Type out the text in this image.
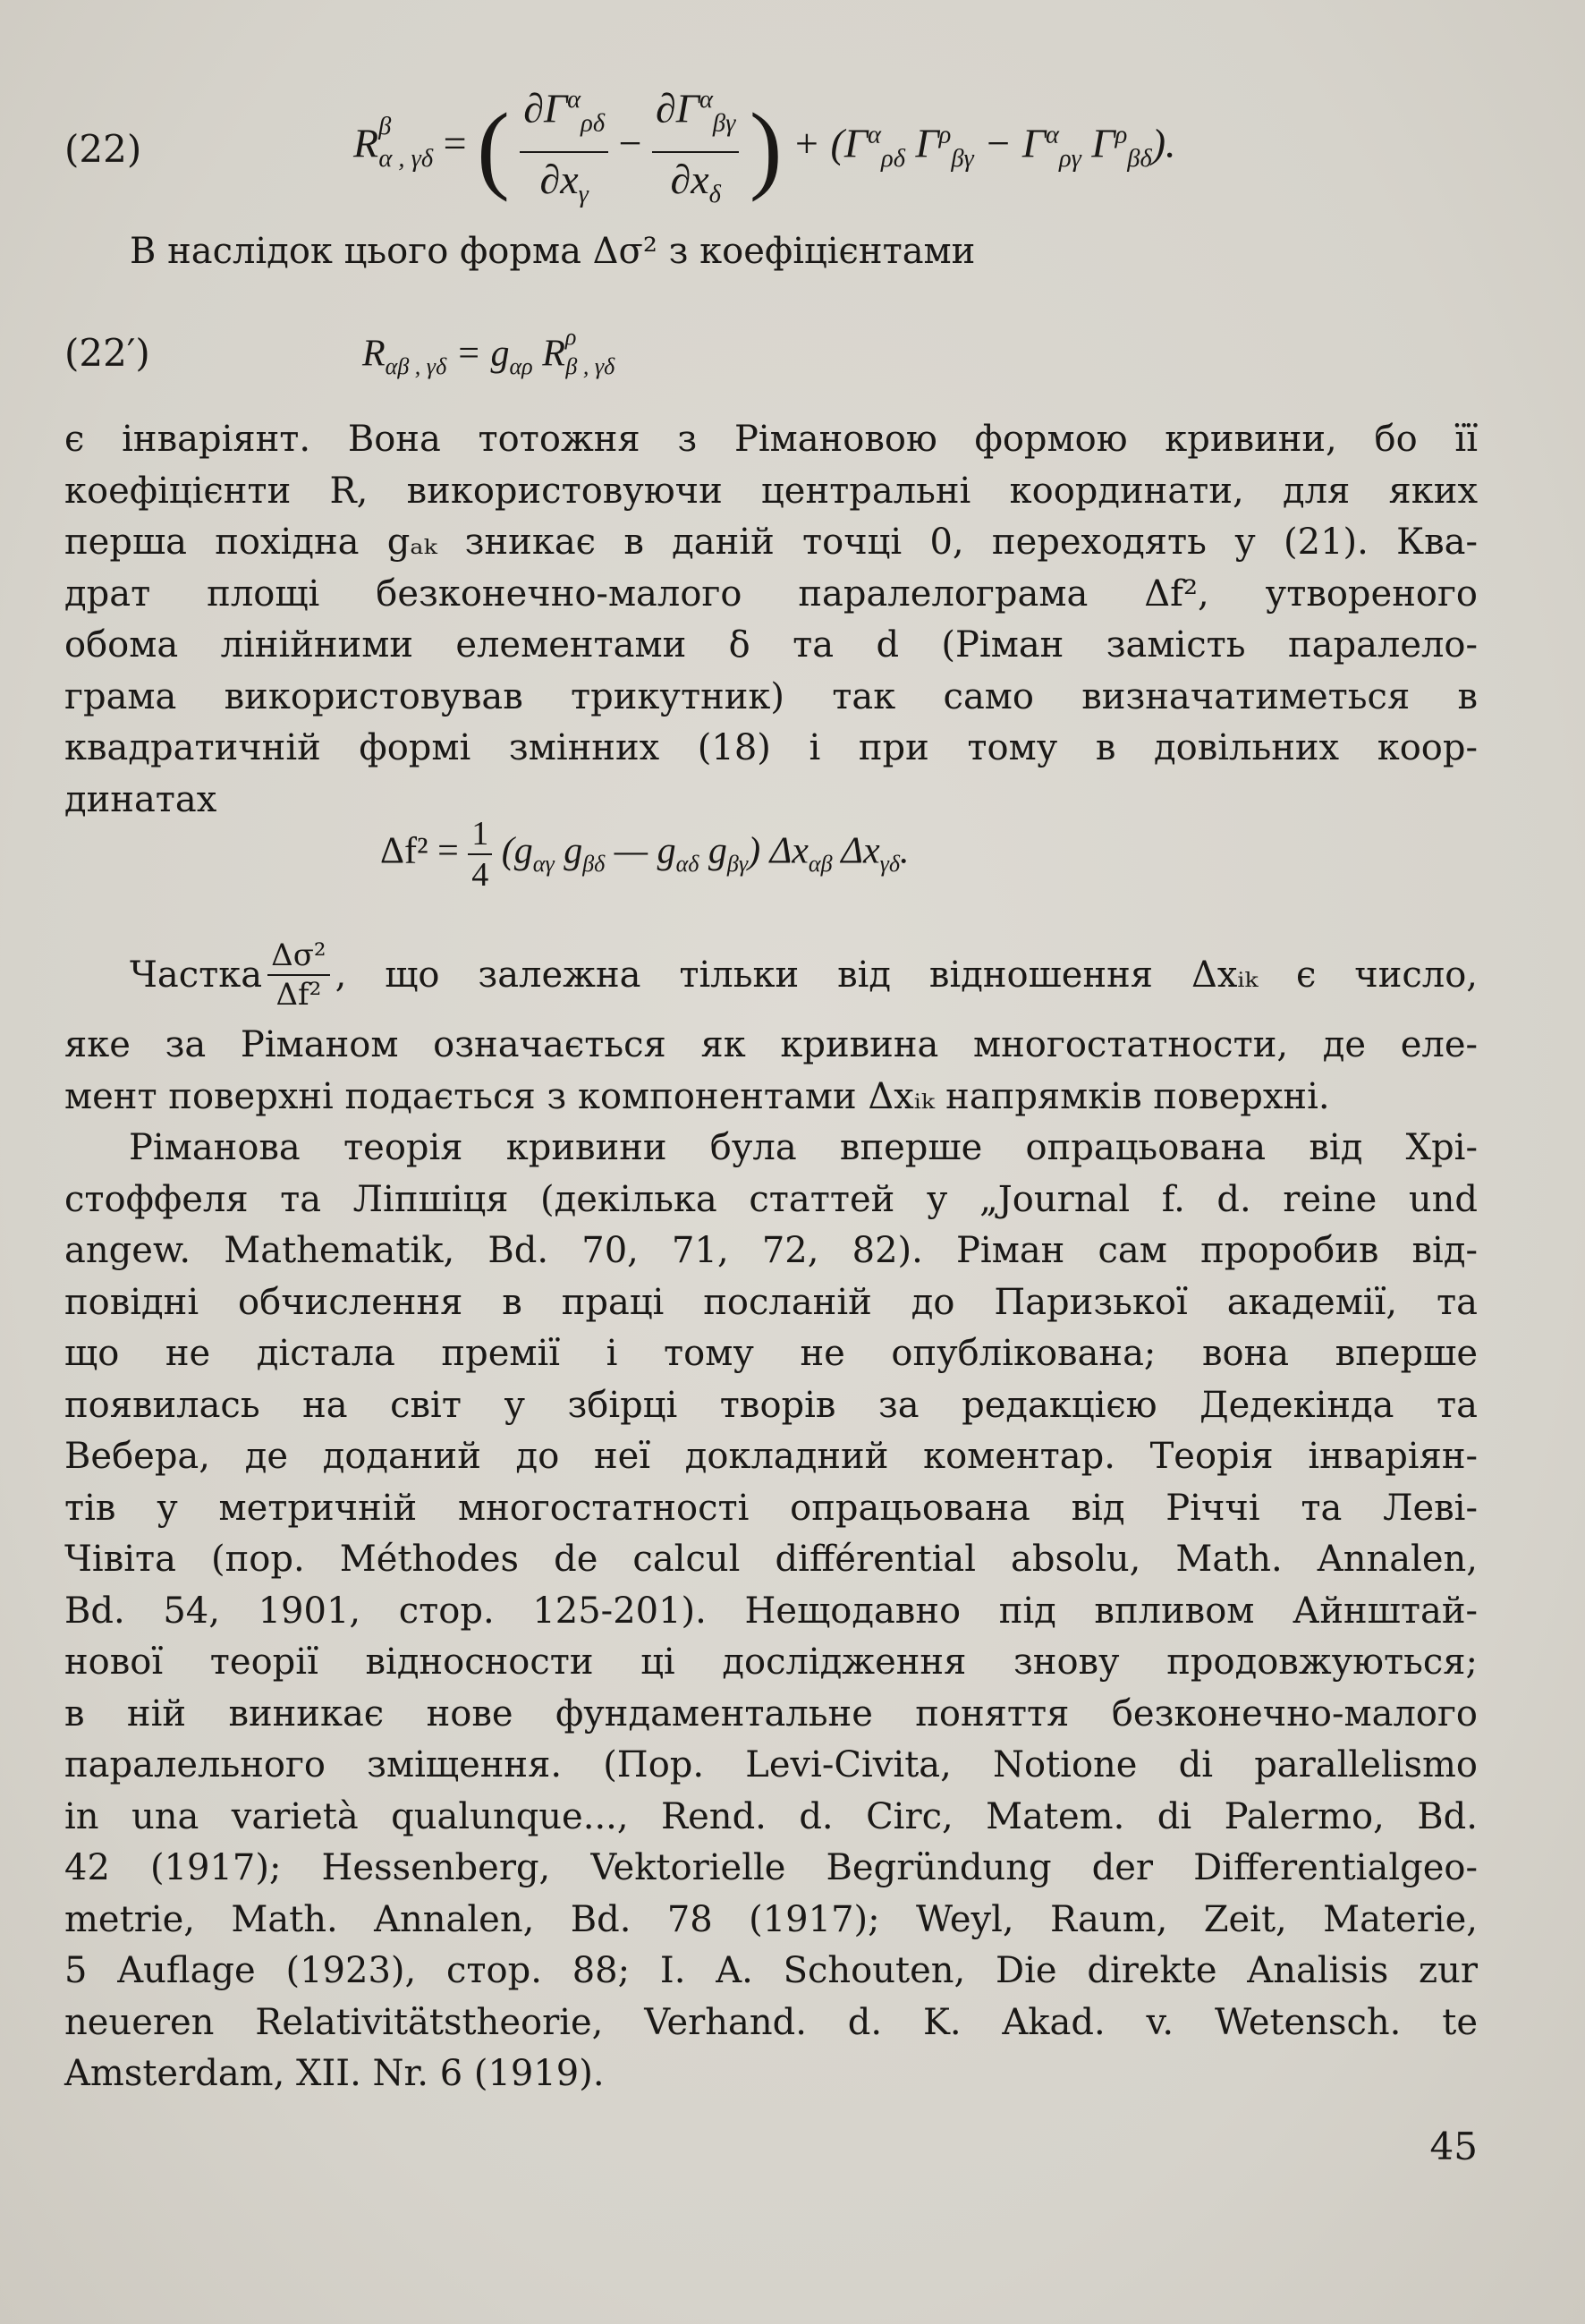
(22)	$R^\beta_{\alpha , \gamma\delta}$ = ( $\frac{\partial\Gamma^\alpha_{\rho\delta}}{\partial x_\gamma} - \frac{\partial\Gamma^\alpha_{\beta\gamma}}{\partial x_\delta}$ ) + ($\Gamma^\alpha_{\rho\delta}$ $\Gamma^\rho_{\beta\gamma} - \Gamma^\alpha_{\rho\gamma}$ $\Gamma^\rho_{\beta\delta}$).
В наслідок цього форма Δσ² з коефіцієнтами
(22′)	$R_{\alpha\beta , \gamma\delta} = g_{\alpha\rho}$ $R^\rho_{\beta , \gamma\delta}$
є інваріянт. Вона тотожня з Рімановою формою кривини, бо її
коефіцієнти R, використовуючи центральні координати, для яких
перша похідна gₐₖ зникає в даній точці 0, переходять у (21). Ква-
драт площі безконечно-малого паралелограма Δf², утвореного
обома лінійними елементами δ та d (Ріман замість паралело-
грама використовував трикутник) так само визначатиметься в
квадратичній формі змінних (18) і при тому в довільних коор-
динатах
$\Delta f^2 = \frac{1}{4} (g_{\alpha\gamma}$ $g_{\beta\delta}$ — $g_{\alpha\delta}$ $g_{\beta\gamma}$) $\Delta x_{\alpha\beta}$ $\Delta x_{\gamma\delta}$.
Частка $\frac{\text{Δσ²}}{\text{Δf²}}$ , що залежна тільки від відношення Δxᵢₖ є число,
яке за Ріманом означається як кривина многостатности, де еле-
мент поверхні подається з компонентами Δxᵢₖ напрямків поверхні.
Ріманова теорія кривини була вперше опрацьована від Хрі-
стоффеля та Ліпшіця (декілька статтей у „Journal f. d. reine und
angew. Mathematik, Bd. 70, 71, 72, 82). Ріман сам проробив від-
повідні обчислення в праці посланій до Паризької академії, та
що не дістала премії і тому не опублікована; вона вперше
появилась на світ у збірці творів за редакцією Дедекінда та
Вебера, де доданий до неї докладний коментар. Теорія інваріян-
тів у метричній многостатності опрацьована від Річчі та Леві-
Чівіта (пор. Méthodes de calcul différential absolu, Math. Annalen,
Bd. 54, 1901, стор. 125-201). Нещодавно під впливом Айнштай-
нової теорії відносности ці дослідження знову продовжуються;
в ній виникає нове фундаментальне поняття безконечно-малого
паралельного зміщення. (Пор. Levi-Civita, Notione di parallelismo
in una varietà qualunque..., Rend. d. Circ, Matem. di Palermo, Bd.
42 (1917); Hessenberg, Vektorielle Begründung der Differentialgeo-
metrie, Math. Annalen, Bd. 78 (1917); Weyl, Raum, Zeit, Materie,
5 Auflage (1923), стор. 88; I. A. Schouten, Die direkte Analisis zur
neueren Relativitätstheorie, Verhand. d. K. Akad. v. Wetensch. te
Amsterdam, XII. Nr. 6 (1919).
45
